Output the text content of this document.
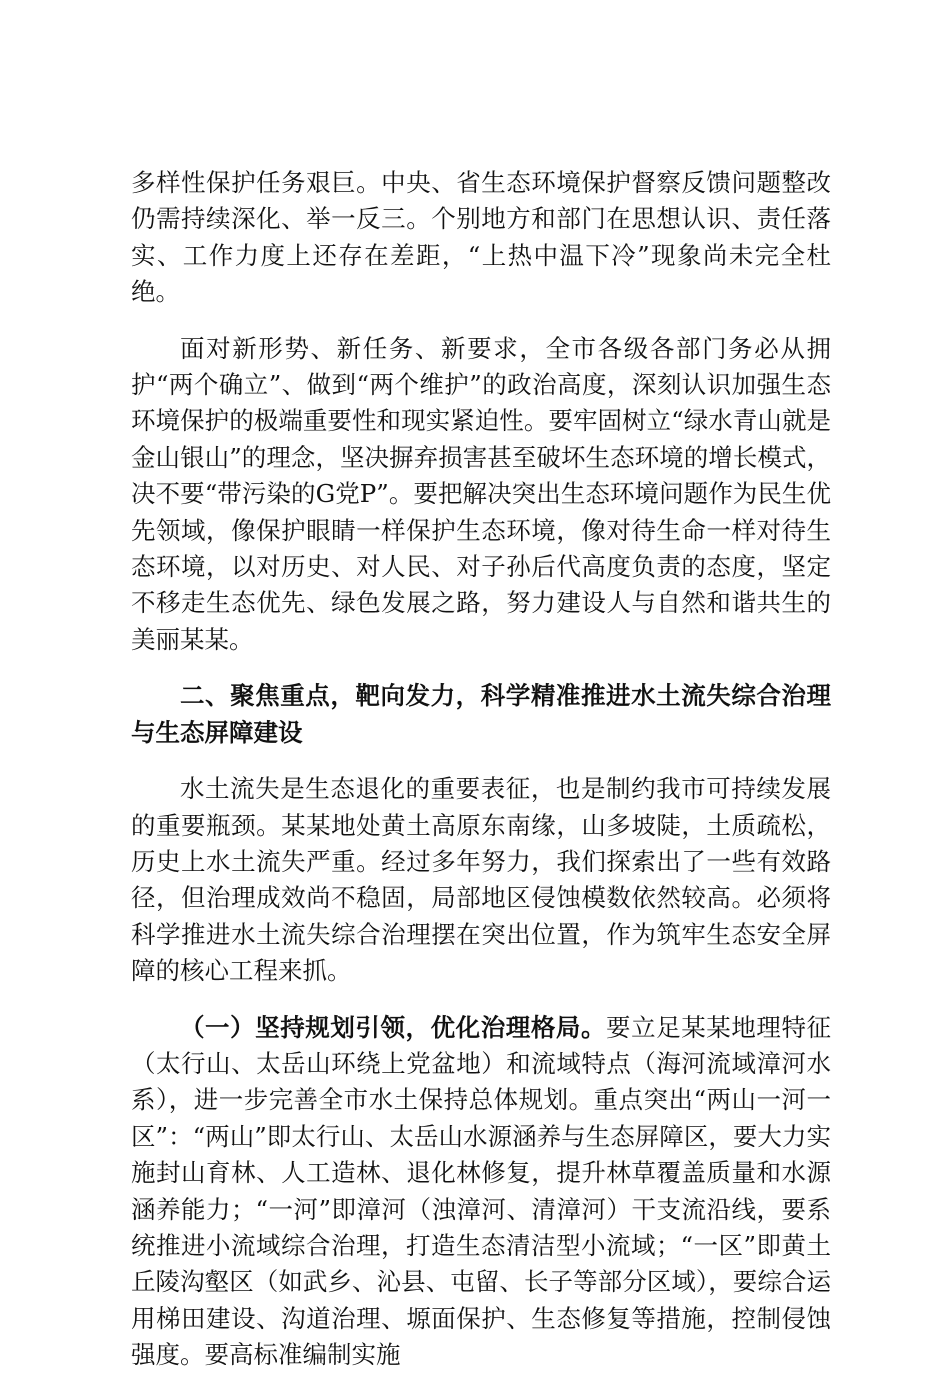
多样性保护任务艰巨。中央、省生态环境保护督察反馈问题整改仍需持续深化、举一反三。个别地方和部门在思想认识、责任落实、工作力度上还存在差距，“上热中温下冷”现象尚未完全杜绝。

面对新形势、新任务、新要求，全市各级各部门务必从拥护“两个确立”、做到“两个维护”的政治高度，深刻认识加强生态环境保护的极端重要性和现实紧迫性。要牢固树立“绿水青山就是金山银山”的理念，坚决摒弃损害甚至破坏生态环境的增长模式，决不要“带污染的G党P”。要把解决突出生态环境问题作为民生优先领域，像保护眼睛一样保护生态环境，像对待生命一样对待生态环境，以对历史、对人民、对子孙后代高度负责的态度，坚定不移走生态优先、绿色发展之路，努力建设人与自然和谐共生的美丽某某。

二、聚焦重点，靶向发力，科学精准推进水土流失综合治理与生态屏障建设

水土流失是生态退化的重要表征，也是制约我市可持续发展的重要瓶颈。某某地处黄土高原东南缘，山多坡陡，土质疏松，历史上水土流失严重。经过多年努力，我们探索出了一些有效路径，但治理成效尚不稳固，局部地区侵蚀模数依然较高。必须将科学推进水土流失综合治理摆在突出位置，作为筑牢生态安全屏障的核心工程来抓。

（一）坚持规划引领，优化治理格局。要立足某某地理特征（太行山、太岳山环绕上党盆地）和流域特点（海河流域漳河水系），进一步完善全市水土保持总体规划。重点突出“两山一河一区”：“两山”即太行山、太岳山水源涵养与生态屏障区，要大力实施封山育林、人工造林、退化林修复，提升林草覆盖质量和水源涵养能力；“一河”即漳河（浊漳河、清漳河）干支流沿线，要系统推进小流域综合治理，打造生态清洁型小流域；“一区”即黄土丘陵沟壑区（如武乡、沁县、屯留、长子等部分区域），要综合运用梯田建设、沟道治理、塬面保护、生态修复等措施，控制侵蚀强度。要高标准编制实施
